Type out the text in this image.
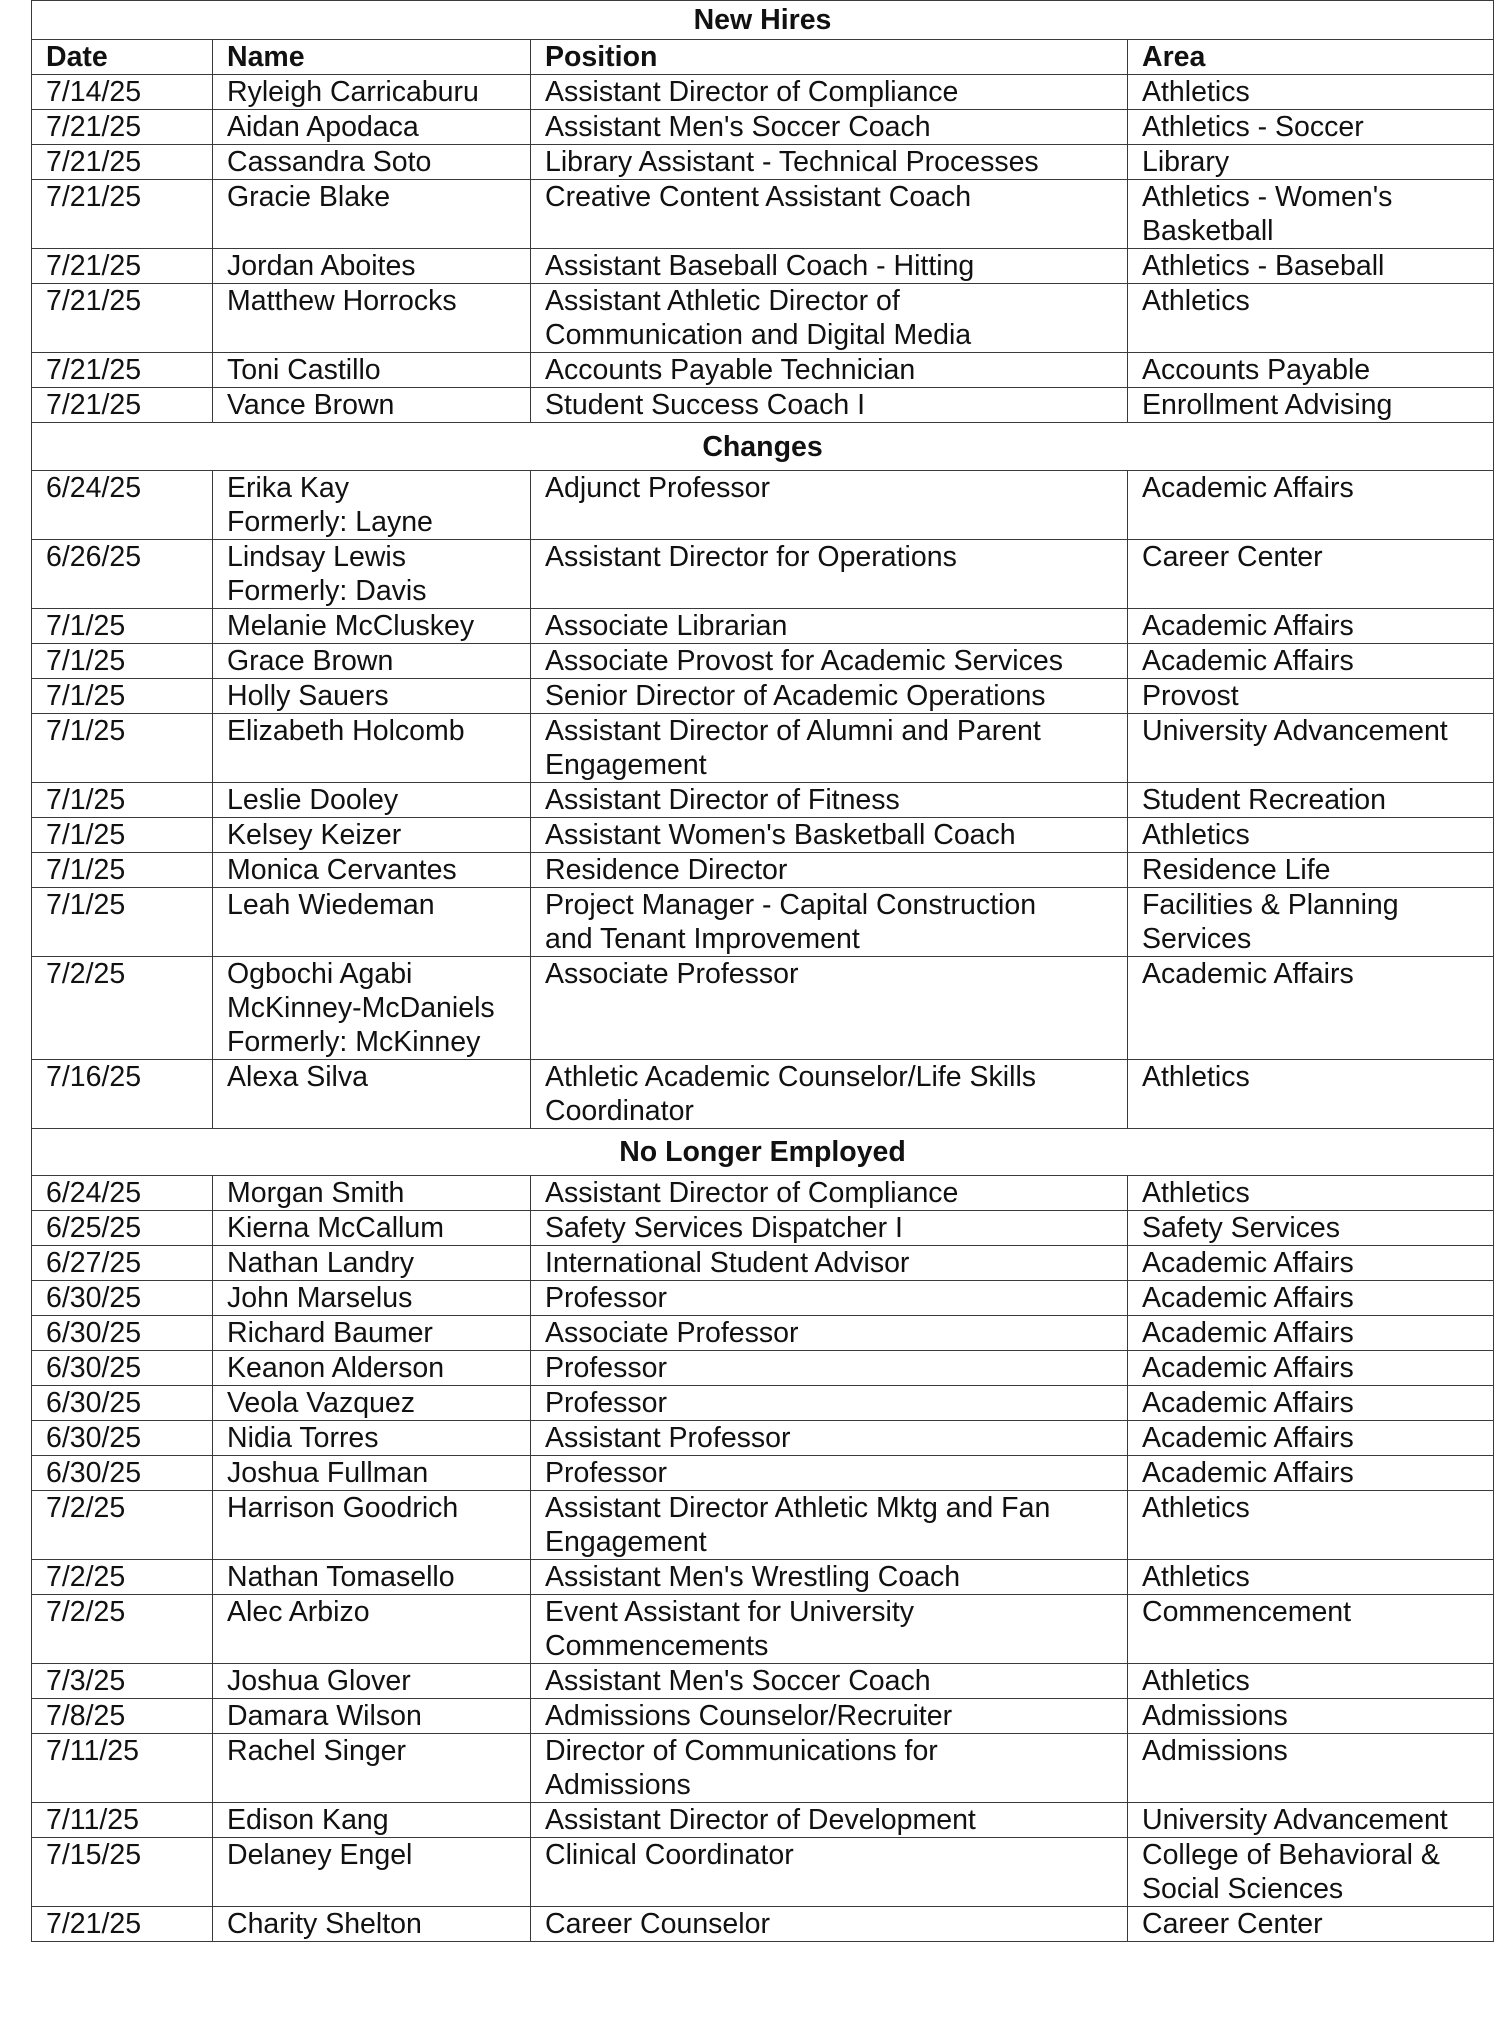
New Hires			
Date	Name	Position	Area
7/14/25	Ryleigh Carricaburu	Assistant Director of Compliance	Athletics
7/21/25	Aidan Apodaca	Assistant Men's Soccer Coach	Athletics - Soccer
7/21/25	Cassandra Soto	Library Assistant - Technical Processes	Library
7/21/25	Gracie Blake	Creative Content Assistant Coach	Athletics - Women's
Basketball
7/21/25	Jordan Aboites	Assistant Baseball Coach - Hitting	Athletics - Baseball
7/21/25	Matthew Horrocks	Assistant Athletic Director of
Communication and Digital Media	Athletics
7/21/25	Toni Castillo	Accounts Payable Technician	Accounts Payable
7/21/25	Vance Brown	Student Success Coach I	Enrollment Advising
Changes			
6/24/25	Erika Kay
Formerly: Layne	Adjunct Professor	Academic Affairs
6/26/25	Lindsay Lewis
Formerly: Davis	Assistant Director for Operations	Career Center
7/1/25	Melanie McCluskey	Associate Librarian	Academic Affairs
7/1/25	Grace Brown	Associate Provost for Academic Services	Academic Affairs
7/1/25	Holly Sauers	Senior Director of Academic Operations	Provost
7/1/25	Elizabeth Holcomb	Assistant Director of Alumni and Parent
Engagement	University Advancement
7/1/25	Leslie Dooley	Assistant Director of Fitness	Student Recreation
7/1/25	Kelsey Keizer	Assistant Women's Basketball Coach	Athletics
7/1/25	Monica Cervantes	Residence Director	Residence Life
7/1/25	Leah Wiedeman	Project Manager - Capital Construction
and Tenant Improvement	Facilities & Planning
Services
7/2/25	Ogbochi Agabi
McKinney-McDaniels
Formerly: McKinney	Associate Professor	Academic Affairs
7/16/25	Alexa Silva	Athletic Academic Counselor/Life Skills
Coordinator	Athletics
No Longer Employed			
6/24/25	Morgan Smith	Assistant Director of Compliance	Athletics
6/25/25	Kierna McCallum	Safety Services Dispatcher I	Safety Services
6/27/25	Nathan Landry	International Student Advisor	Academic Affairs
6/30/25	John Marselus	Professor	Academic Affairs
6/30/25	Richard Baumer	Associate Professor	Academic Affairs
6/30/25	Keanon Alderson	Professor	Academic Affairs
6/30/25	Veola Vazquez	Professor	Academic Affairs
6/30/25	Nidia Torres	Assistant Professor	Academic Affairs
6/30/25	Joshua Fullman	Professor	Academic Affairs
7/2/25	Harrison Goodrich	Assistant Director Athletic Mktg and Fan
Engagement	Athletics
7/2/25	Nathan Tomasello	Assistant Men's Wrestling Coach	Athletics
7/2/25	Alec Arbizo	Event Assistant for University
Commencements	Commencement
7/3/25	Joshua Glover	Assistant Men's Soccer Coach	Athletics
7/8/25	Damara Wilson	Admissions Counselor/Recruiter	Admissions
7/11/25	Rachel Singer	Director of Communications for
Admissions	Admissions
7/11/25	Edison Kang	Assistant Director of Development	University Advancement
7/15/25	Delaney Engel	Clinical Coordinator	College of Behavioral &
Social Sciences
7/21/25	Charity Shelton	Career Counselor	Career Center
